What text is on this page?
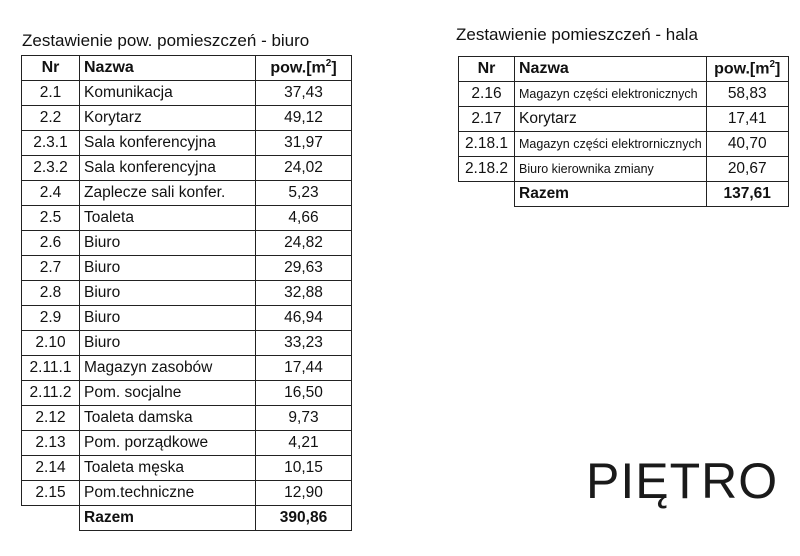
Zestawienie pow. pomieszczeń - biuro	Zestawienie pomieszczeń - hala
Nr	Nazwa	$pow.[m^2]$
2.1	Komunikacja	37,43
2.2	Korytarz	49,12
2.3.1	Sala konferencyjna	31,97
2.3.2	Sala konferencyjna	24,02
2.4	Zaplecze sali konfer.	5,23
2.5	Toaleta	4,66
2.6	Biuro	24,82
2.7	Biuro	29,63
2.8	Biuro	32,88
2.9	Biuro	46,94
2.10	Biuro	33,23
2.11.1	Magazyn zasobów	17,44
2.11.2	Pom. socjalne	16,50
2.12	Toaleta damska	9,73
2.13	Pom. porządkowe	4,21
2.14	Toaleta męska	10,15
2.15	Pom.techniczne	12,90
	Razem	390,86
Nr	Nazwa	$pow.[m^2]$
2.16	Magazyn części elektronicznych	58,83
2.17	Korytarz	17,41
2.18.1	Magazyn części elektrornicznych	40,70
2.18.2	Biuro kierownika zmiany	20,67
	Razem	137,61
PIĘTRO
